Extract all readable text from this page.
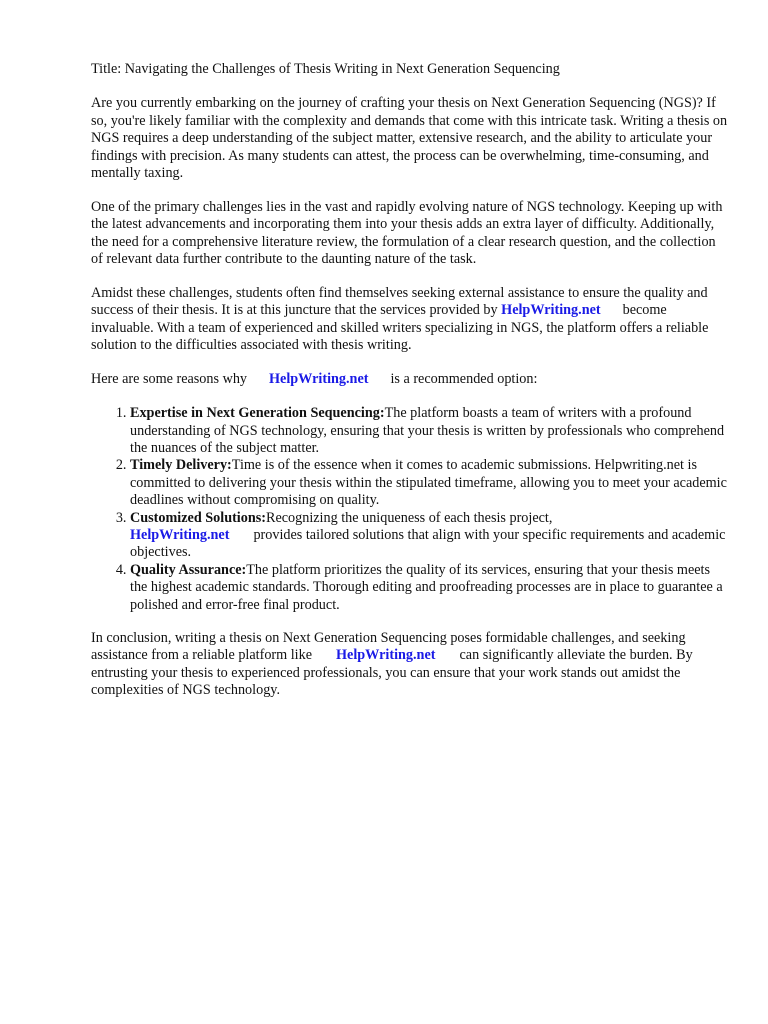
Title: Navigating the Challenges of Thesis Writing in Next Generation Sequencing

Are you currently embarking on the journey of crafting your thesis on Next Generation Sequencing (NGS)? If so, you're likely familiar with the complexity and demands that come with this intricate task. Writing a thesis on NGS requires a deep understanding of the subject matter, extensive research, and the ability to articulate your findings with precision. As many students can attest, the process can be overwhelming, time-consuming, and mentally taxing.

One of the primary challenges lies in the vast and rapidly evolving nature of NGS technology. Keeping up with the latest advancements and incorporating them into your thesis adds an extra layer of difficulty. Additionally, the need for a comprehensive literature review, the formulation of a clear research question, and the collection of relevant data further contribute to the daunting nature of the task.

Amidst these challenges, students often find themselves seeking external assistance to ensure the quality and success of their thesis. It is at this juncture that the services provided by HelpWriting.net become invaluable. With a team of experienced and skilled writers specializing in NGS, the platform offers a reliable solution to the difficulties associated with thesis writing.

Here are some reasons why HelpWriting.net is a recommended option:

1. Expertise in Next Generation Sequencing:The platform boasts a team of writers with a profound understanding of NGS technology, ensuring that your thesis is written by professionals who comprehend the nuances of the subject matter.
2. Timely Delivery:Time is of the essence when it comes to academic submissions. Helpwriting.net is committed to delivering your thesis within the stipulated timeframe, allowing you to meet your academic deadlines without compromising on quality.
3. Customized Solutions:Recognizing the uniqueness of each thesis project,
HelpWriting.net provides tailored solutions that align with your specific requirements and academic objectives.
4. Quality Assurance:The platform prioritizes the quality of its services, ensuring that your thesis meets the highest academic standards. Thorough editing and proofreading processes are in place to guarantee a polished and error-free final product.

In conclusion, writing a thesis on Next Generation Sequencing poses formidable challenges, and seeking assistance from a reliable platform like HelpWriting.net can significantly alleviate the burden. By entrusting your thesis to experienced professionals, you can ensure that your work stands out amidst the complexities of NGS technology.
